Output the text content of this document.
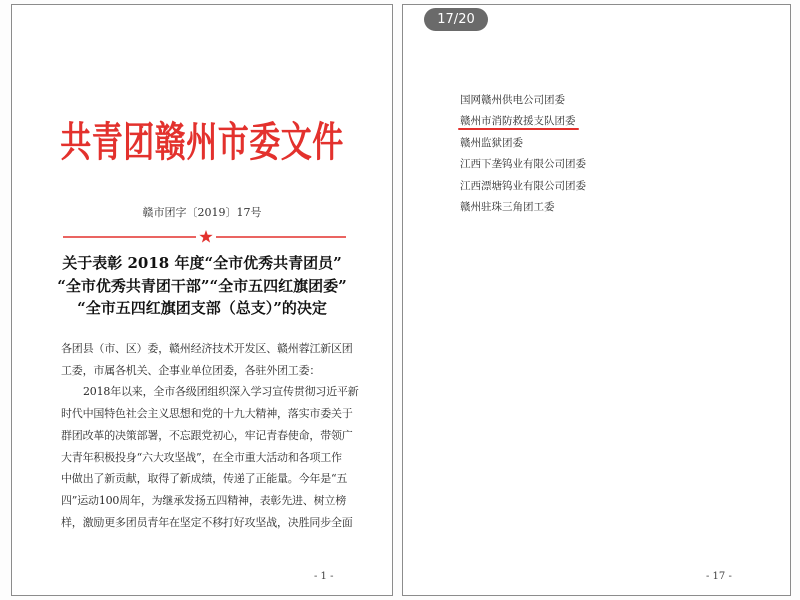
共青团赣州市委文件
赣市团字〔2019〕17号
关于表彰 2018 年度“全市优秀共青团员”
“全市优秀共青团干部”“全市五四红旗团委”
“全市五四红旗团支部（总支）”的决定
各团县（市、区）委，赣州经济技术开发区、赣州蓉江新区团
工委，市属各机关、企事业单位团委，各驻外团工委：
2018年以来，全市各级团组织深入学习宣传贯彻习近平新
时代中国特色社会主义思想和党的十九大精神，落实市委关于
群团改革的决策部署，不忘跟党初心，牢记青春使命，带领广
大青年积极投身“六大攻坚战”，在全市重大活动和各项工作
中做出了新贡献，取得了新成绩，传递了正能量。今年是“五
四”运动100周年，为继承发扬五四精神，表彰先进、树立榜
样，激励更多团员青年在坚定不移打好攻坚战，决胜同步全面
- 1 -
国网赣州供电公司团委
赣州市消防救援支队团委
赣州监狱团委
江西下垄钨业有限公司团委
江西漂塘钨业有限公司团委
赣州驻珠三角团工委
- 17 -
17/20
